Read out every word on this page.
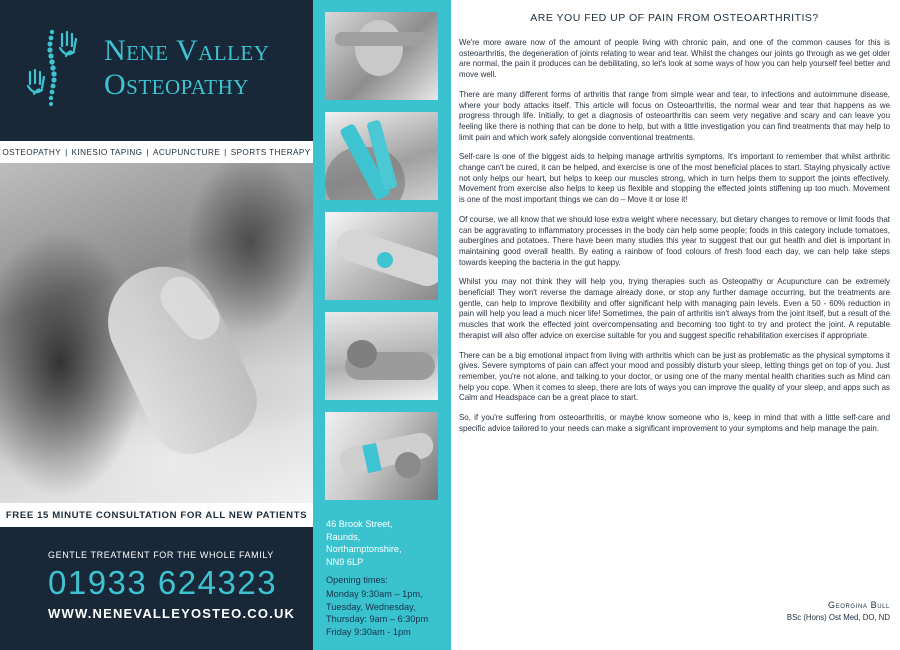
Nene Valley
Osteopathy
OSTEOPATHY | KINESIO TAPING | ACUPUNCTURE | SPORTS THERAPY
FREE 15 MINUTE CONSULTATION FOR ALL NEW PATIENTS
GENTLE TREATMENT FOR THE WHOLE FAMILY
01933 624323
WWW.NENEVALLEYOSTEO.CO.UK
46 Brook Street,
Raunds,
Northamptonshire,
NN9 6LP
Opening times:
Monday 9:30am – 1pm,
Tuesday, Wednesday,
Thursday: 9am – 6:30pm
Friday 9:30am - 1pm
ARE YOU FED UP OF PAIN FROM OSTEOARTHRITIS?

We're more aware now of the amount of people living with chronic pain, and one of the common causes for this is osteoarthritis, the degeneration of joints relating to wear and tear. Whilst the changes our joints go through as we get older are normal, the pain it produces can be debilitating, so let's look at some ways of how you can help yourself feel better and move well.

There are many different forms of arthritis that range from simple wear and tear, to infections and autoimmune disease, where your body attacks itself. This article will focus on Osteoarthritis, the normal wear and tear that happens as we progress through life. Initially, to get a diagnosis of osteoarthritis can seem very negative and scary and can leave you feeling like there is nothing that can be done to help, but with a little investigation you can find treatments that may help to limit pain and which work safely alongside conventional treatments.

Self-care is one of the biggest aids to helping manage arthritis symptoms. It's important to remember that whilst arthritic change can't be cured, it can be helped, and exercise is one of the most beneficial places to start. Staying physically active not only helps our heart, but helps to keep our muscles strong, which in turn helps them to support the joints effectively. Movement from exercise also helps to keep us flexible and stopping the effected joints stiffening up too much. Movement is one of the most important things we can do – Move it or lose it!

Of course, we all know that we should lose extra weight where necessary, but dietary changes to remove or limit foods that can be aggravating to inflammatory processes in the body can help some people; foods in this category include tomatoes, aubergines and potatoes. There have been many studies this year to suggest that our gut health and diet is important in maintaining good overall health. By eating a rainbow of food colours of fresh food each day, we can help take steps towards keeping the bacteria in the gut happy.

Whilst you may not think they will help you, trying therapies such as Osteopathy or Acupuncture can be extremely beneficial! They won't reverse the damage already done, or stop any further damage occurring, but the treatments are gentle, can help to improve flexibility and offer significant help with managing pain levels. Even a 50 - 60% reduction in pain will help you lead a much nicer life! Sometimes, the pain of arthritis isn't always from the joint itself, but a result of the muscles that work the effected joint overcompensating and becoming too tight to try and protect the joint. A reputable therapist will also offer advice on exercise suitable for you and suggest specific rehabilitation exercises if appropriate.

There can be a big emotional impact from living with arthritis which can be just as problematic as the physical symptoms it gives. Severe symptoms of pain can affect your mood and possibly disturb your sleep, letting things get on top of you. Just remember, you're not alone, and talking to your doctor, or using one of the many mental health charities such as Mind can help you cope. When it comes to sleep, there are lots of ways you can improve the quality of your sleep, and apps such as Calm and Headspace can be a great place to start.

So, if you're suffering from osteoarthritis, or maybe know someone who is, keep in mind that with a little self-care and specific advice tailored to your needs can make a significant improvement to your symptoms and help manage the pain.

Georgina Bull
BSc (Hons) Ost Med, DO, ND
